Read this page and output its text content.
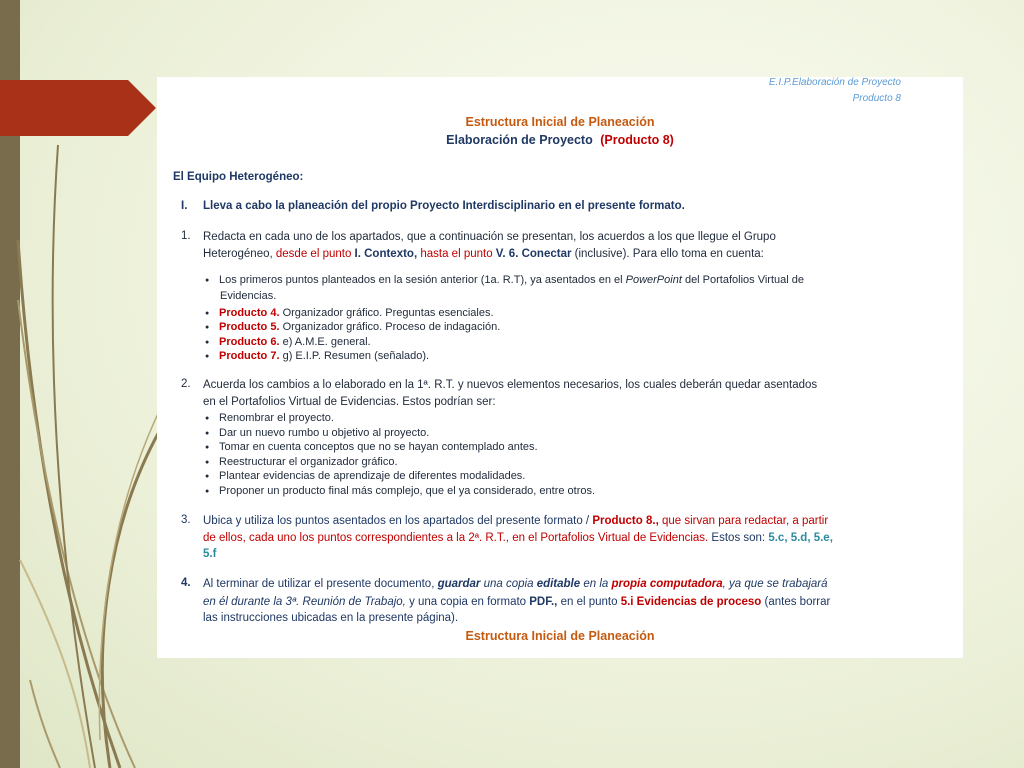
E.I.P.Elaboración de Proyecto
Producto 8
Estructura Inicial de Planeación
Elaboración de Proyecto (Producto 8)
El Equipo Heterogéneo:
I. Lleva a cabo la planeación del propio Proyecto Interdisciplinario en el presente formato.
1. Redacta en cada uno de los apartados, que a continuación se presentan, los acuerdos a los que llegue el Grupo
Heterogéneo, desde el punto I. Contexto, hasta el punto V. 6. Conectar (inclusive). Para ello toma en cuenta:
● Los primeros puntos planteados en la sesión anterior (1a. R.T), ya asentados en el PowerPoint del Portafolios Virtual de
Evidencias.
● Producto 4. Organizador gráfico. Preguntas esenciales.
● Producto 5. Organizador gráfico. Proceso de indagación.
● Producto 6. e) A.M.E. general.
● Producto 7. g) E.I.P. Resumen (señalado).
2. Acuerda los cambios a lo elaborado en la 1ª. R.T. y nuevos elementos necesarios, los cuales deberán quedar asentados
en el Portafolios Virtual de Evidencias. Estos podrían ser:
● Renombrar el proyecto.
● Dar un nuevo rumbo u objetivo al proyecto.
● Tomar en cuenta conceptos que no se hayan contemplado antes.
● Reestructurar el organizador gráfico.
● Plantear evidencias de aprendizaje de diferentes modalidades.
● Proponer un producto final más complejo, que el ya considerado, entre otros.
3. Ubica y utiliza los puntos asentados en los apartados del presente formato / Producto 8., que sirvan para redactar, a partir
de ellos, cada uno los puntos correspondientes a la 2ª. R.T., en el Portafolios Virtual de Evidencias. Estos son: 5.c, 5.d, 5.e,
5.f
4. Al terminar de utilizar el presente documento, guardar una copia editable en la propia computadora, ya que se trabajará
en él durante la 3ª. Reunión de Trabajo, y una copia en formato PDF., en el punto 5.i Evidencias de proceso (antes borrar
las instrucciones ubicadas en la presente página).
Estructura Inicial de Planeación
